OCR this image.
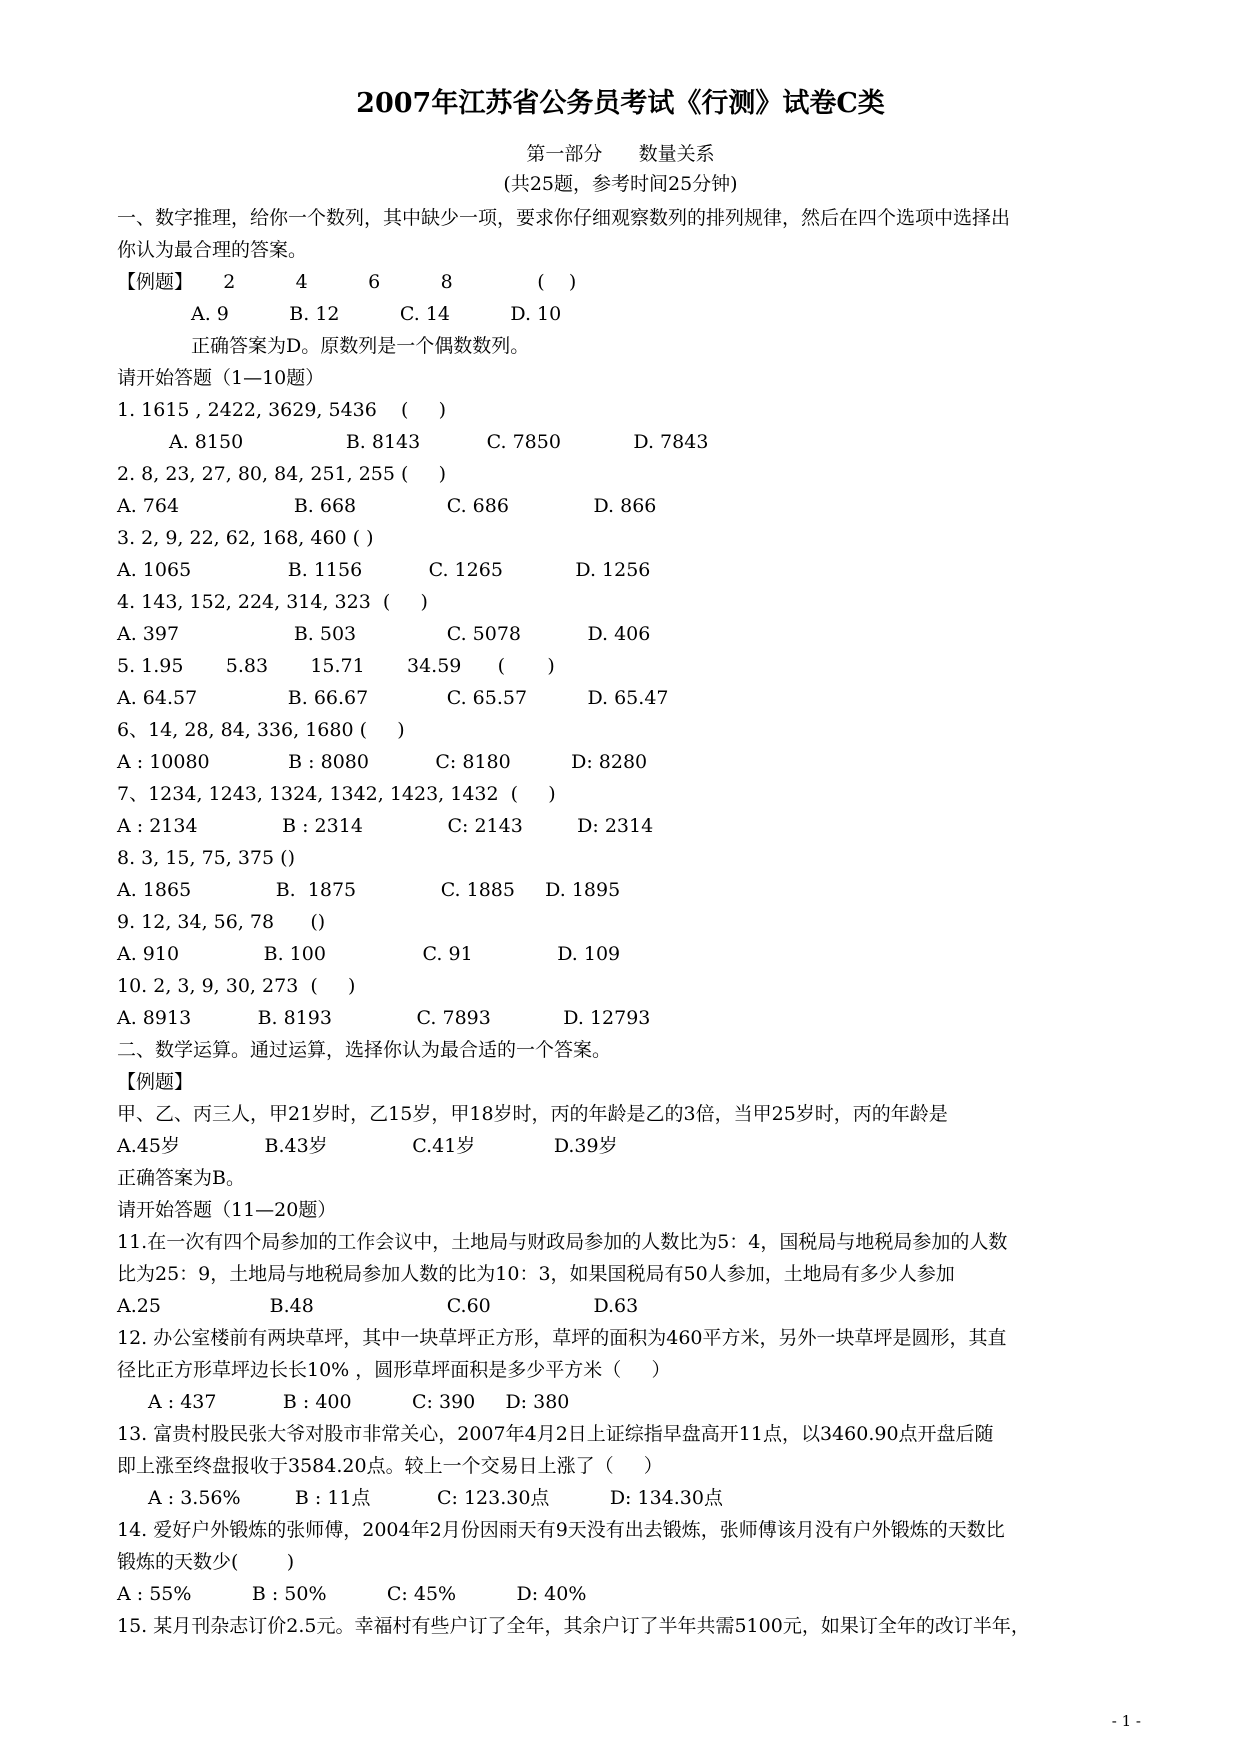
2007年江苏省公务员考试《行测》试卷C类
第一部分      数量关系
(共25题，参考时间25分钟)
一、数字推理，给你一个数列，其中缺少一项，要求你仔细观察数列的排列规律，然后在四个选项中选择出
你认为最合理的答案。
【例题】     2          4          6          8              (    )
A. 9          B. 12          C. 14          D. 10
正确答案为D。原数列是一个偶数数列。
请开始答题（1—10题）
1. 1615 , 2422, 3629, 5436    (     )
A. 8150                 B. 8143           C. 7850            D. 7843
2. 8, 23, 27, 80, 84, 251, 255 (     )
A. 764                   B. 668               C. 686              D. 866
3. 2, 9, 22, 62, 168, 460 ( )
A. 1065                B. 1156           C. 1265            D. 1256
4. 143, 152, 224, 314, 323  (     )
A. 397                   B. 503               C. 5078           D. 406
5. 1.95       5.83       15.71       34.59      (       )
A. 64.57               B. 66.67             C. 65.57          D. 65.47
6、14, 28, 84, 336, 1680 (     )
A : 10080             B : 8080           C: 8180          D: 8280
7、1234, 1243, 1324, 1342, 1423, 1432  (     )
A : 2134              B : 2314              C: 2143         D: 2314
8. 3, 15, 75, 375 ()
A. 1865              B.  1875              C. 1885     D. 1895
9. 12, 34, 56, 78      ()
A. 910              B. 100                C. 91              D. 109
10. 2, 3, 9, 30, 273  (     )
A. 8913           B. 8193              C. 7893            D. 12793
二、数学运算。通过运算，选择你认为最合适的一个答案。
【例题】
甲、乙、丙三人，甲21岁时，乙15岁，甲18岁时，丙的年龄是乙的3倍，当甲25岁时，丙的年龄是
A.45岁              B.43岁              C.41岁             D.39岁
正确答案为B。
请开始答题（11—20题）
11.在一次有四个局参加的工作会议中，土地局与财政局参加的人数比为5：4，国税局与地税局参加的人数
比为25：9，土地局与地税局参加人数的比为10：3，如果国税局有50人参加，土地局有多少人参加
A.25                  B.48                      C.60                 D.63
12. 办公室楼前有两块草坪，其中一块草坪正方形，草坪的面积为460平方米，另外一块草坪是圆形，其直
径比正方形草坪边长长10% ，圆形草坪面积是多少平方米（     ）
A : 437           B : 400          C: 390     D: 380
13. 富贵村股民张大爷对股市非常关心，2007年4月2日上证综指早盘高开11点，以3460.90点开盘后随
即上涨至终盘报收于3584.20点。较上一个交易日上涨了（     ）
A : 3.56%         B : 11点           C: 123.30点          D: 134.30点
14. 爱好户外锻炼的张师傅，2004年2月份因雨天有9天没有出去锻炼，张师傅该月没有户外锻炼的天数比
锻炼的天数少(        )
A : 55%          B : 50%          C: 45%          D: 40%
15. 某月刊杂志订价2.5元。幸福村有些户订了全年，其余户订了半年共需5100元，如果订全年的改订半年，
- 1 -
